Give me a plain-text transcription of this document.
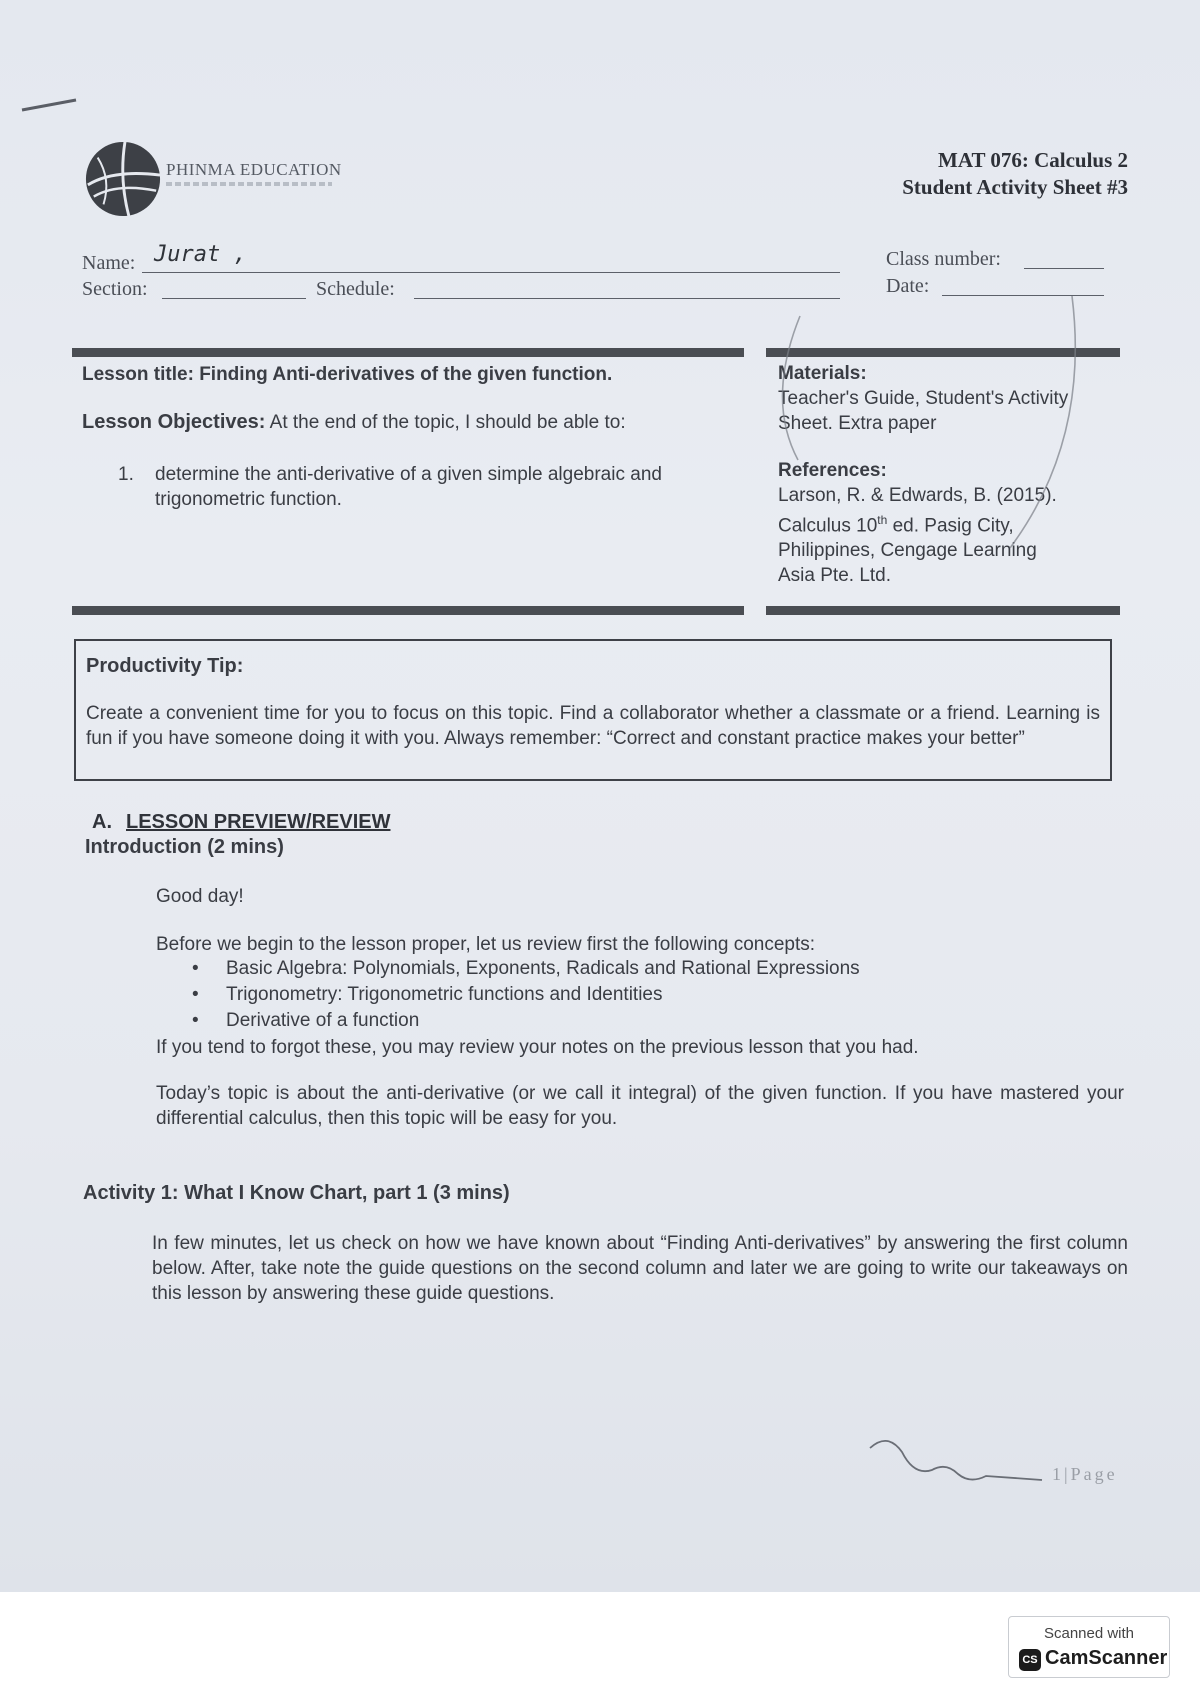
PHINMA EDUCATION	MAT 076: Calculus 2
Student Activity Sheet #3
Name: Jurat ,
Section:	Schedule:
Class number:
Date:
Lesson title: Finding Anti-derivatives of the given function.
Lesson Objectives: At the end of the topic, I should be able to:
1. determine the anti-derivative of a given simple algebraic and
trigonometric function.
Materials:
Teacher's Guide, Student's Activity
Sheet. Extra paper
References:
Larson, R. & Edwards, B. (2015).
Calculus 10th ed. Pasig City,
Philippines, Cengage Learning
Asia Pte. Ltd.
Productivity Tip:
Create a convenient time for you to focus on this topic. Find a collaborator whether a classmate or a friend. Learning is fun if you have someone doing it with you. Always remember: “Correct and constant practice makes your better”
A. LESSON PREVIEW/REVIEW
Introduction (2 mins)
Good day!
Before we begin to the lesson proper, let us review first the following concepts:
• Basic Algebra: Polynomials, Exponents, Radicals and Rational Expressions
• Trigonometry: Trigonometric functions and Identities
• Derivative of a function
If you tend to forgot these, you may review your notes on the previous lesson that you had.
Today’s topic is about the anti-derivative (or we call it integral) of the given function. If you have mastered your differential calculus, then this topic will be easy for you.
Activity 1: What I Know Chart, part 1 (3 mins)
In few minutes, let us check on how we have known about “Finding Anti-derivatives” by answering the first column below. After, take note the guide questions on the second column and later we are going to write our takeaways on this lesson by answering these guide questions.
1|Page
Scanned with
CS CamScanner
